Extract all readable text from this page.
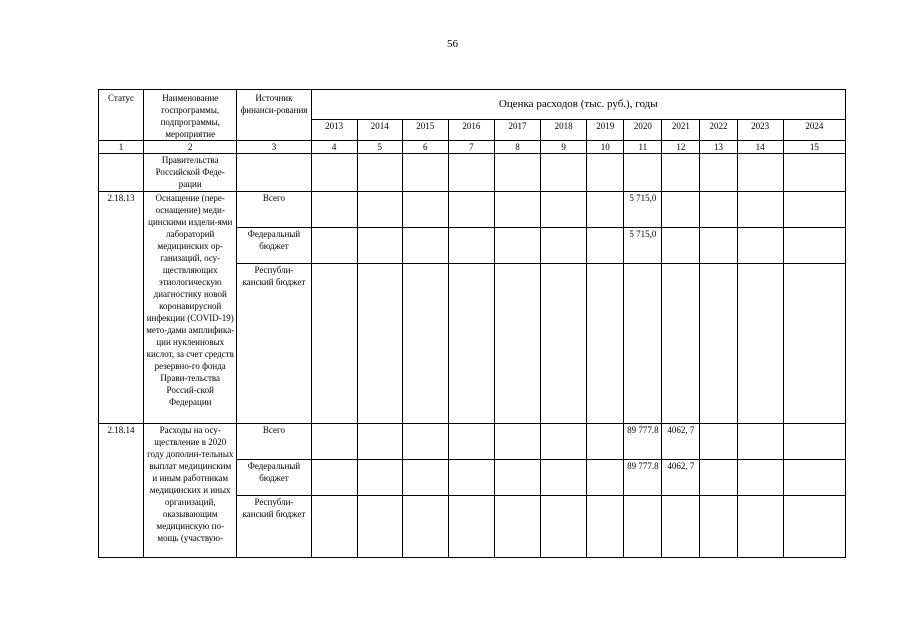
56
Статус	Наименование госпрограммы, подпрограммы, мероприятие	Источник финанси-рования	Оценка расходов (тыс. руб.), годы											
			2013	2014	2015	2016	2017	2018	2019	2020	2021	2022	2023	2024
1	2	3	4	5	6	7	8	9	10	11	12	13	14	15
	Правительства Российской Феде-рации													
2.18.13	Оснащение (пере-оснащение) меди-цинскими издели-ями лабораторий медицинских ор-ганизаций, осу-ществляющих этиологическую диагностику новой коронавирусной инфекции (COVID-19) мето-дами амплифика-ции нуклеиновых кислот, за счет средств резервно-го фонда Прави-тельства Россий-ской Федерации	Всего								5 715,0				
		Федеральный бюджет								5 715,0				
		Республи-канский бюджет												
2.18.14	Расходы на осу-ществление в 2020 году дополни-тельных выплат медицинским и иным работникам медицинских и иных организаций, оказывающим медицинскую по-мощь (участвую-	Всего								89 777.8	4062, 7			
		Федеральный бюджет								89 777.8	4062, 7			
		Республи-канский бюджет												
